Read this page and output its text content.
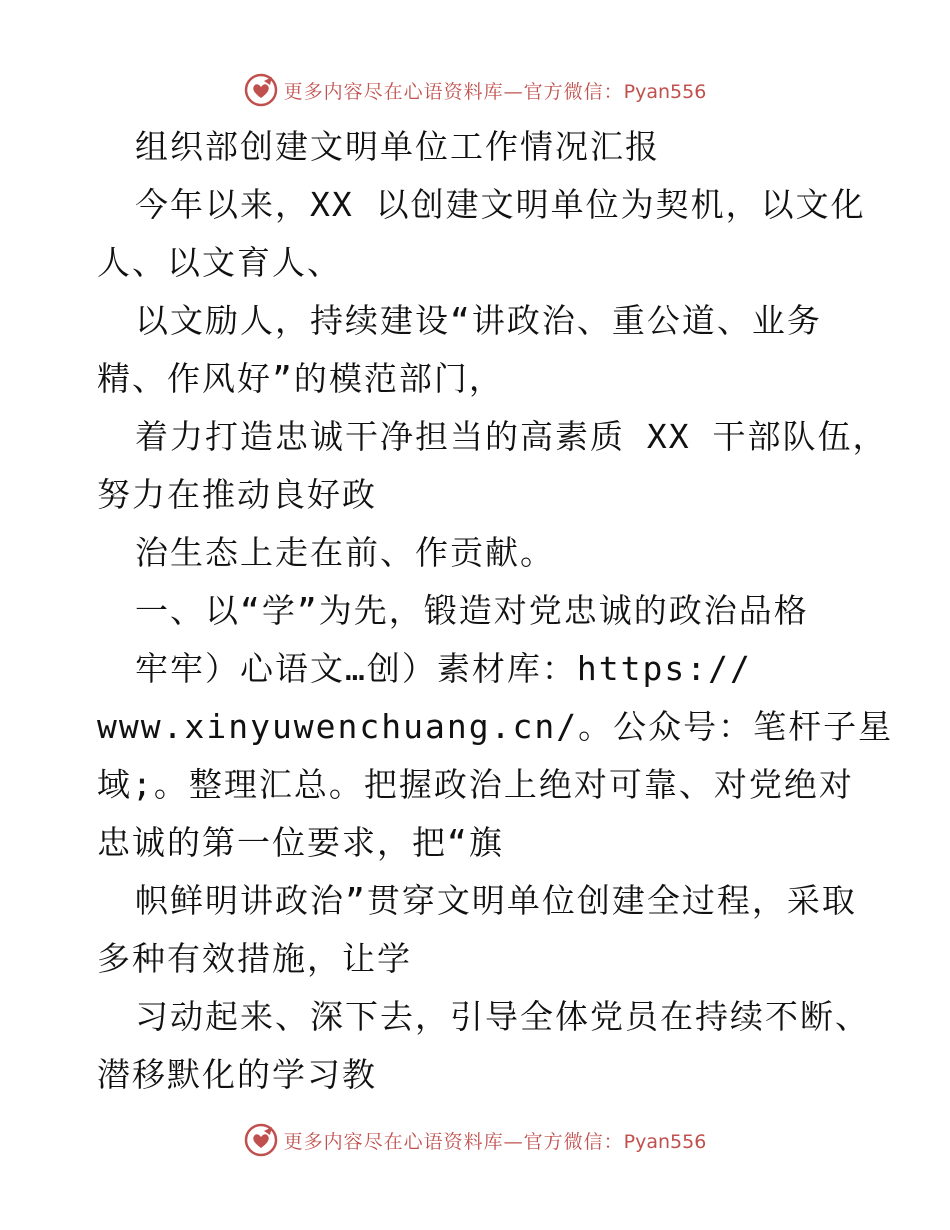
更多内容尽在心语资料库—官方微信：Pyan556
组织部创建文明单位工作情况汇报
今年以来，XX 以创建文明单位为契机，以文化
人、以文育人、
以文励人，持续建设“讲政治、重公道、业务
精、作风好”的模范部门，
着力打造忠诚干净担当的高素质 XX 干部队伍，
努力在推动良好政
治生态上走在前、作贡献。
一、以“学”为先，锻造对党忠诚的政治品格
牢牢）心语文…创）素材库：https://
www.xinyuwenchuang.cn/。公众号：笔杆子星
域;。整理汇总。把握政治上绝对可靠、对党绝对
忠诚的第一位要求，把“旗
帜鲜明讲政治”贯穿文明单位创建全过程，采取
多种有效措施，让学
习动起来、深下去，引导全体党员在持续不断、
潜移默化的学习教
更多内容尽在心语资料库—官方微信：Pyan556
